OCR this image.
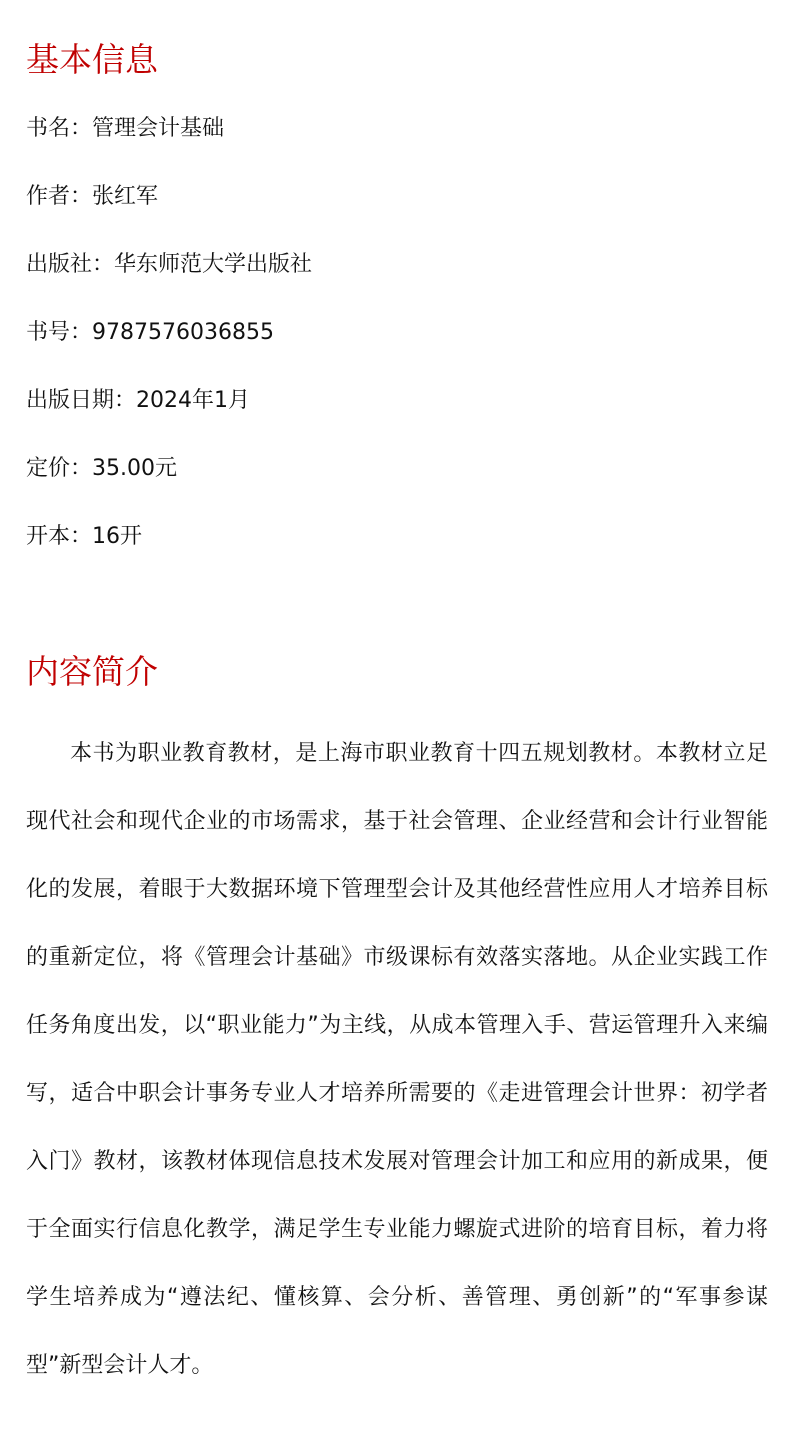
基本信息
书名：管理会计基础
作者：张红军
出版社：华东师范大学出版社
书号：9787576036855
出版日期：2024年1月
定价：35.00元
开本：16开
内容简介

本书为职业教育教材，是上海市职业教育十四五规划教材。本教材立足现代社会和现代企业的市场需求，基于社会管理、企业经营和会计行业智能化的发展，着眼于大数据环境下管理型会计及其他经营性应用人才培养目标的重新定位，将《管理会计基础》市级课标有效落实落地。从企业实践工作任务角度出发，以“职业能力”为主线，从成本管理入手、营运管理升入来编写，适合中职会计事务专业人才培养所需要的《走进管理会计世界：初学者入门》教材，该教材体现信息技术发展对管理会计加工和应用的新成果，便于全面实行信息化教学，满足学生专业能力螺旋式进阶的培育目标，着力将学生培养成为“遵法纪、懂核算、会分析、善管理、勇创新”的“军事参谋型”新型会计人才。
